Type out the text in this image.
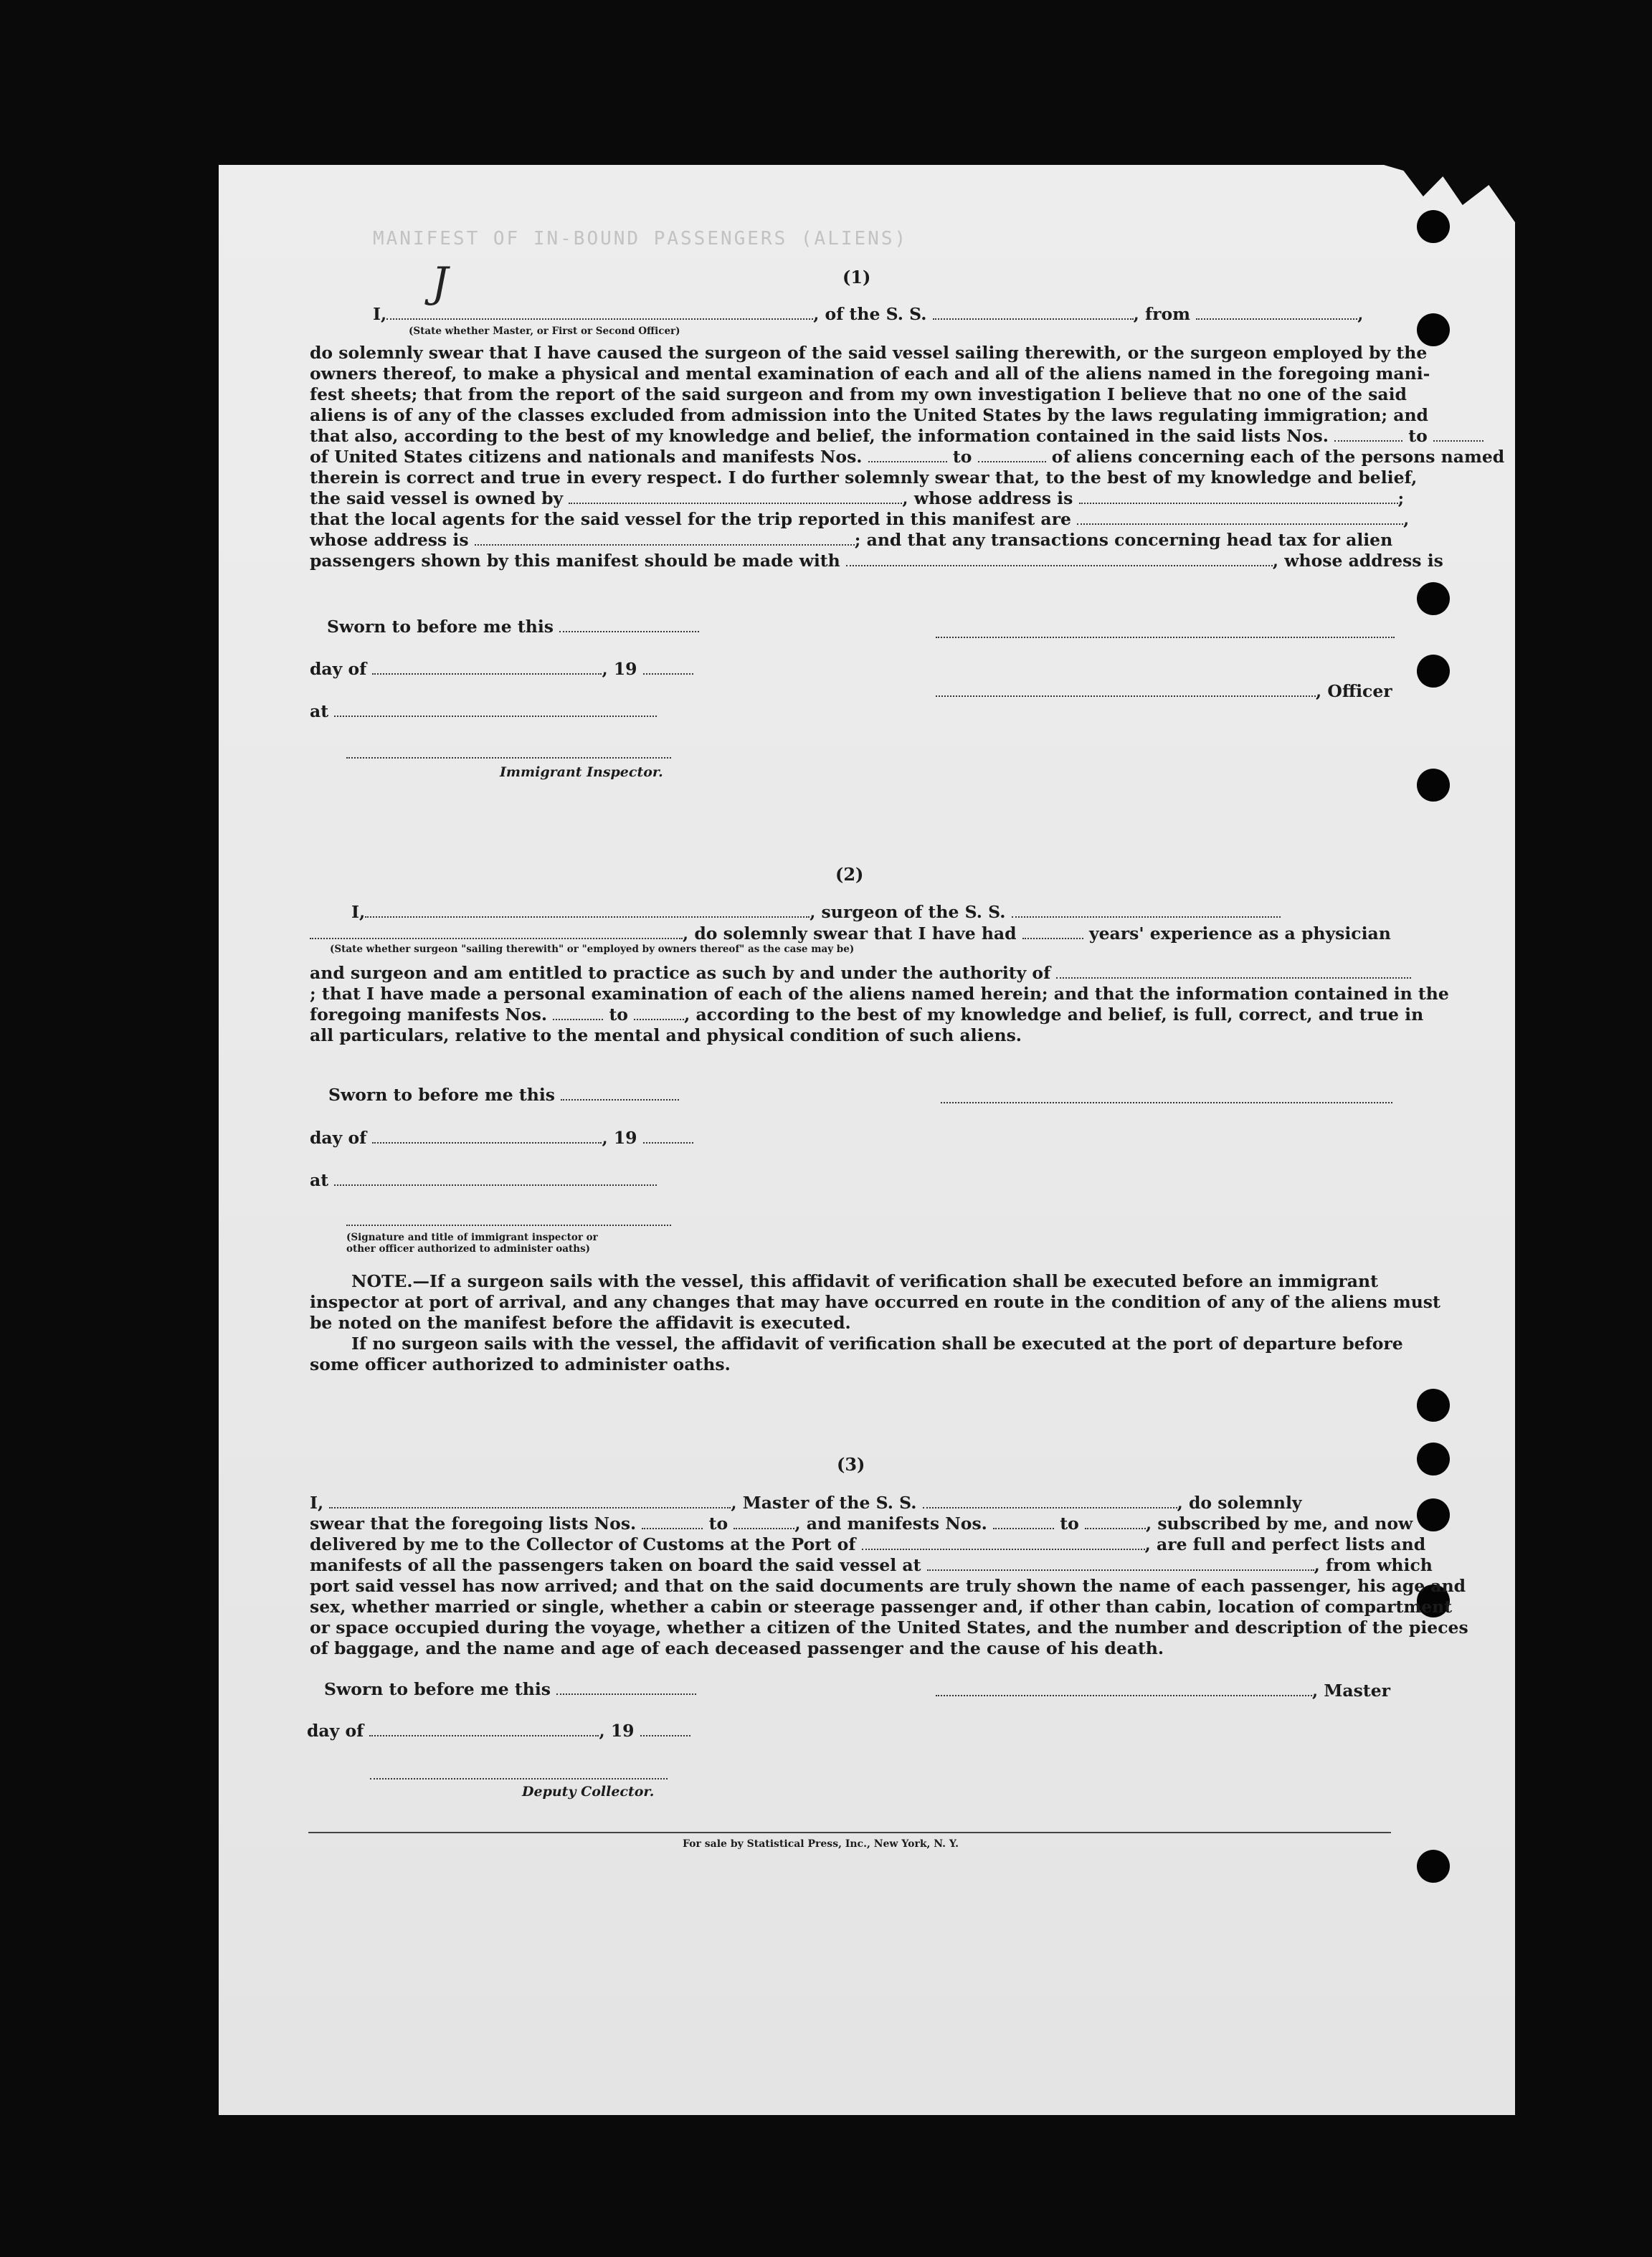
MANIFEST OF IN-BOUND PASSENGERS (ALIENS)
J	(1)
I,	, of the S. S.	, from	,
(State whether Master, or First or Second Officer)
do solemnly swear that I have caused the surgeon of the said vessel sailing therewith, or the surgeon employed by the
owners thereof, to make a physical and mental examination of each and all of the aliens named in the foregoing mani-
fest sheets; that from the report of the said surgeon and from my own investigation I believe that no one of the said
aliens is of any of the classes excluded from admission into the United States by the laws regulating immigration; and
that also, according to the best of my knowledge and belief, the information contained in the said lists Nos.	to
of United States citizens and nationals and manifests Nos.	to	of aliens concerning each of the persons named
therein is correct and true in every respect. I do further solemnly swear that, to the best of my knowledge and belief,
the said vessel is owned by	, whose address is	;
that the local agents for the said vessel for the trip reported in this manifest are	,
whose address is	; and that any transactions concerning head tax for alien
passengers shown by this manifest should be made with	, whose address is
Sworn to before me this
day of	, 19
, Officer
at
Immigrant Inspector.
(2)
I,	, surgeon of the S. S.
, do solemnly swear that I have had	years' experience as a physician
(State whether surgeon "sailing therewith" or "employed by owners thereof" as the case may be)
and surgeon and am entitled to practice as such by and under the authority of
; that I have made a personal examination of each of the aliens named herein; and that the information contained in the
foregoing manifests Nos.	to	, according to the best of my knowledge and belief, is full, correct, and true in
all particulars, relative to the mental and physical condition of such aliens.
Sworn to before me this
day of	, 19
at
(Signature and title of immigrant inspector or
other officer authorized to administer oaths)
NOTE.—If a surgeon sails with the vessel, this affidavit of verification shall be executed before an immigrant
inspector at port of arrival, and any changes that may have occurred en route in the condition of any of the aliens must
be noted on the manifest before the affidavit is executed.
If no surgeon sails with the vessel, the affidavit of verification shall be executed at the port of departure before
some officer authorized to administer oaths.
(3)
I,	, Master of the S. S.	, do solemnly
swear that the foregoing lists Nos.	to	, and manifests Nos.	to	, subscribed by me, and now
delivered by me to the Collector of Customs at the Port of	, are full and perfect lists and
manifests of all the passengers taken on board the said vessel at	, from which
port said vessel has now arrived; and that on the said documents are truly shown the name of each passenger, his age and
sex, whether married or single, whether a cabin or steerage passenger and, if other than cabin, location of compartment
or space occupied during the voyage, whether a citizen of the United States, and the number and description of the pieces
of baggage, and the name and age of each deceased passenger and the cause of his death.
Sworn to before me this	, Master
day of	, 19
Deputy Collector.
For sale by Statistical Press, Inc., New York, N. Y.
